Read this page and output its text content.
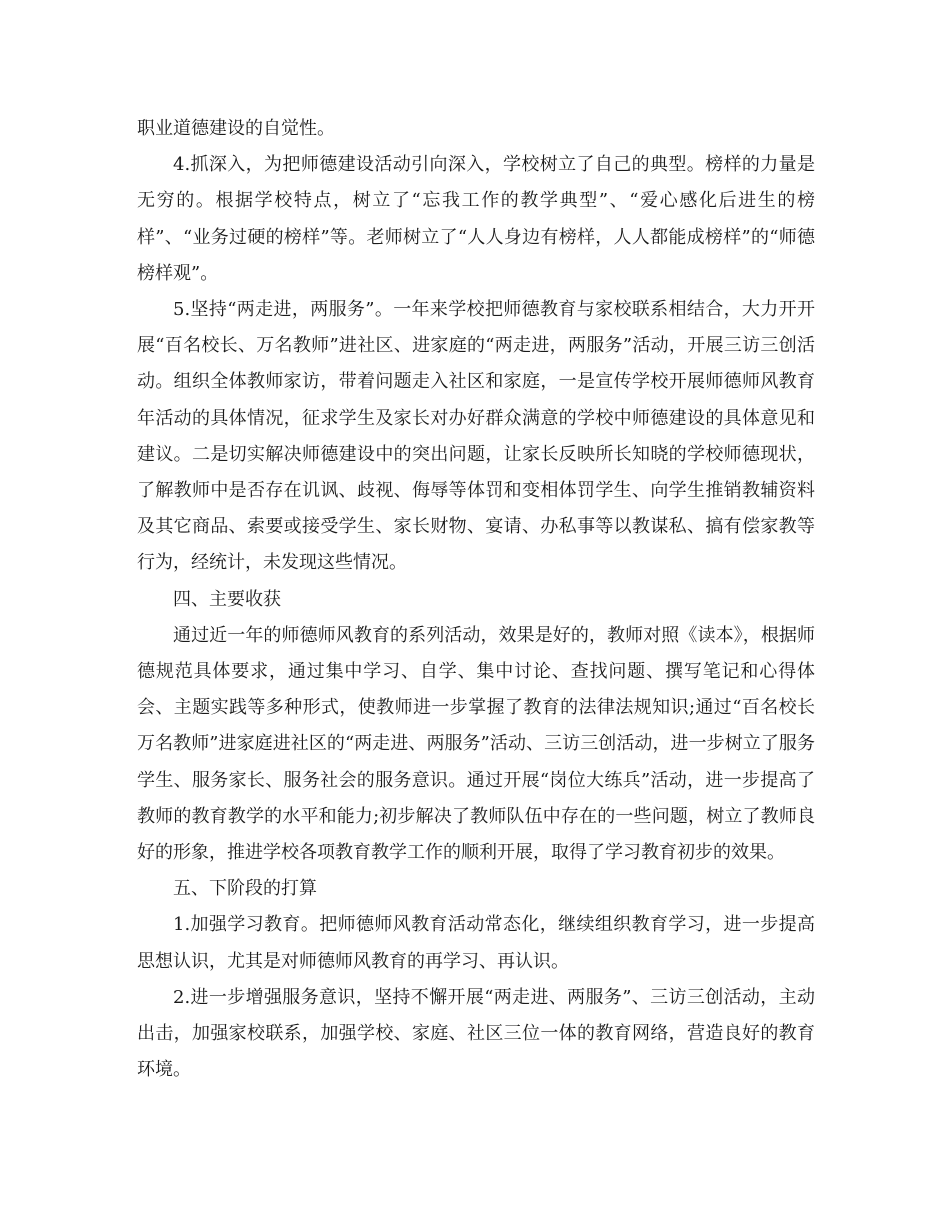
职业道德建设的自觉性。

4.抓深入，为把师德建设活动引向深入，学校树立了自己的典型。榜样的力量是无穷的。根据学校特点，树立了“忘我工作的教学典型”、“爱心感化后进生的榜样”、“业务过硬的榜样”等。老师树立了“人人身边有榜样，人人都能成榜样”的“师德榜样观”。

5.坚持“两走进，两服务”。一年来学校把师德教育与家校联系相结合，大力开开展“百名校长、万名教师”进社区、进家庭的“两走进，两服务”活动，开展三访三创活动。组织全体教师家访，带着问题走入社区和家庭，一是宣传学校开展师德师风教育年活动的具体情况，征求学生及家长对办好群众满意的学校中师德建设的具体意见和建议。二是切实解决师德建设中的突出问题，让家长反映所长知晓的学校师德现状，了解教师中是否存在讥讽、歧视、侮辱等体罚和变相体罚学生、向学生推销教辅资料及其它商品、索要或接受学生、家长财物、宴请、办私事等以教谋私、搞有偿家教等行为，经统计，未发现这些情况。

四、主要收获

通过近一年的师德师风教育的系列活动，效果是好的，教师对照《读本》，根据师德规范具体要求，通过集中学习、自学、集中讨论、查找问题、撰写笔记和心得体会、主题实践等多种形式，使教师进一步掌握了教育的法律法规知识;通过“百名校长万名教师”进家庭进社区的“两走进、两服务”活动、三访三创活动，进一步树立了服务学生、服务家长、服务社会的服务意识。通过开展“岗位大练兵”活动，进一步提高了教师的教育教学的水平和能力;初步解决了教师队伍中存在的一些问题，树立了教师良好的形象，推进学校各项教育教学工作的顺利开展，取得了学习教育初步的效果。

五、下阶段的打算

1.加强学习教育。把师德师风教育活动常态化，继续组织教育学习，进一步提高思想认识，尤其是对师德师风教育的再学习、再认识。

2.进一步增强服务意识，坚持不懈开展“两走进、两服务”、三访三创活动，主动出击，加强家校联系，加强学校、家庭、社区三位一体的教育网络，营造良好的教育环境。
